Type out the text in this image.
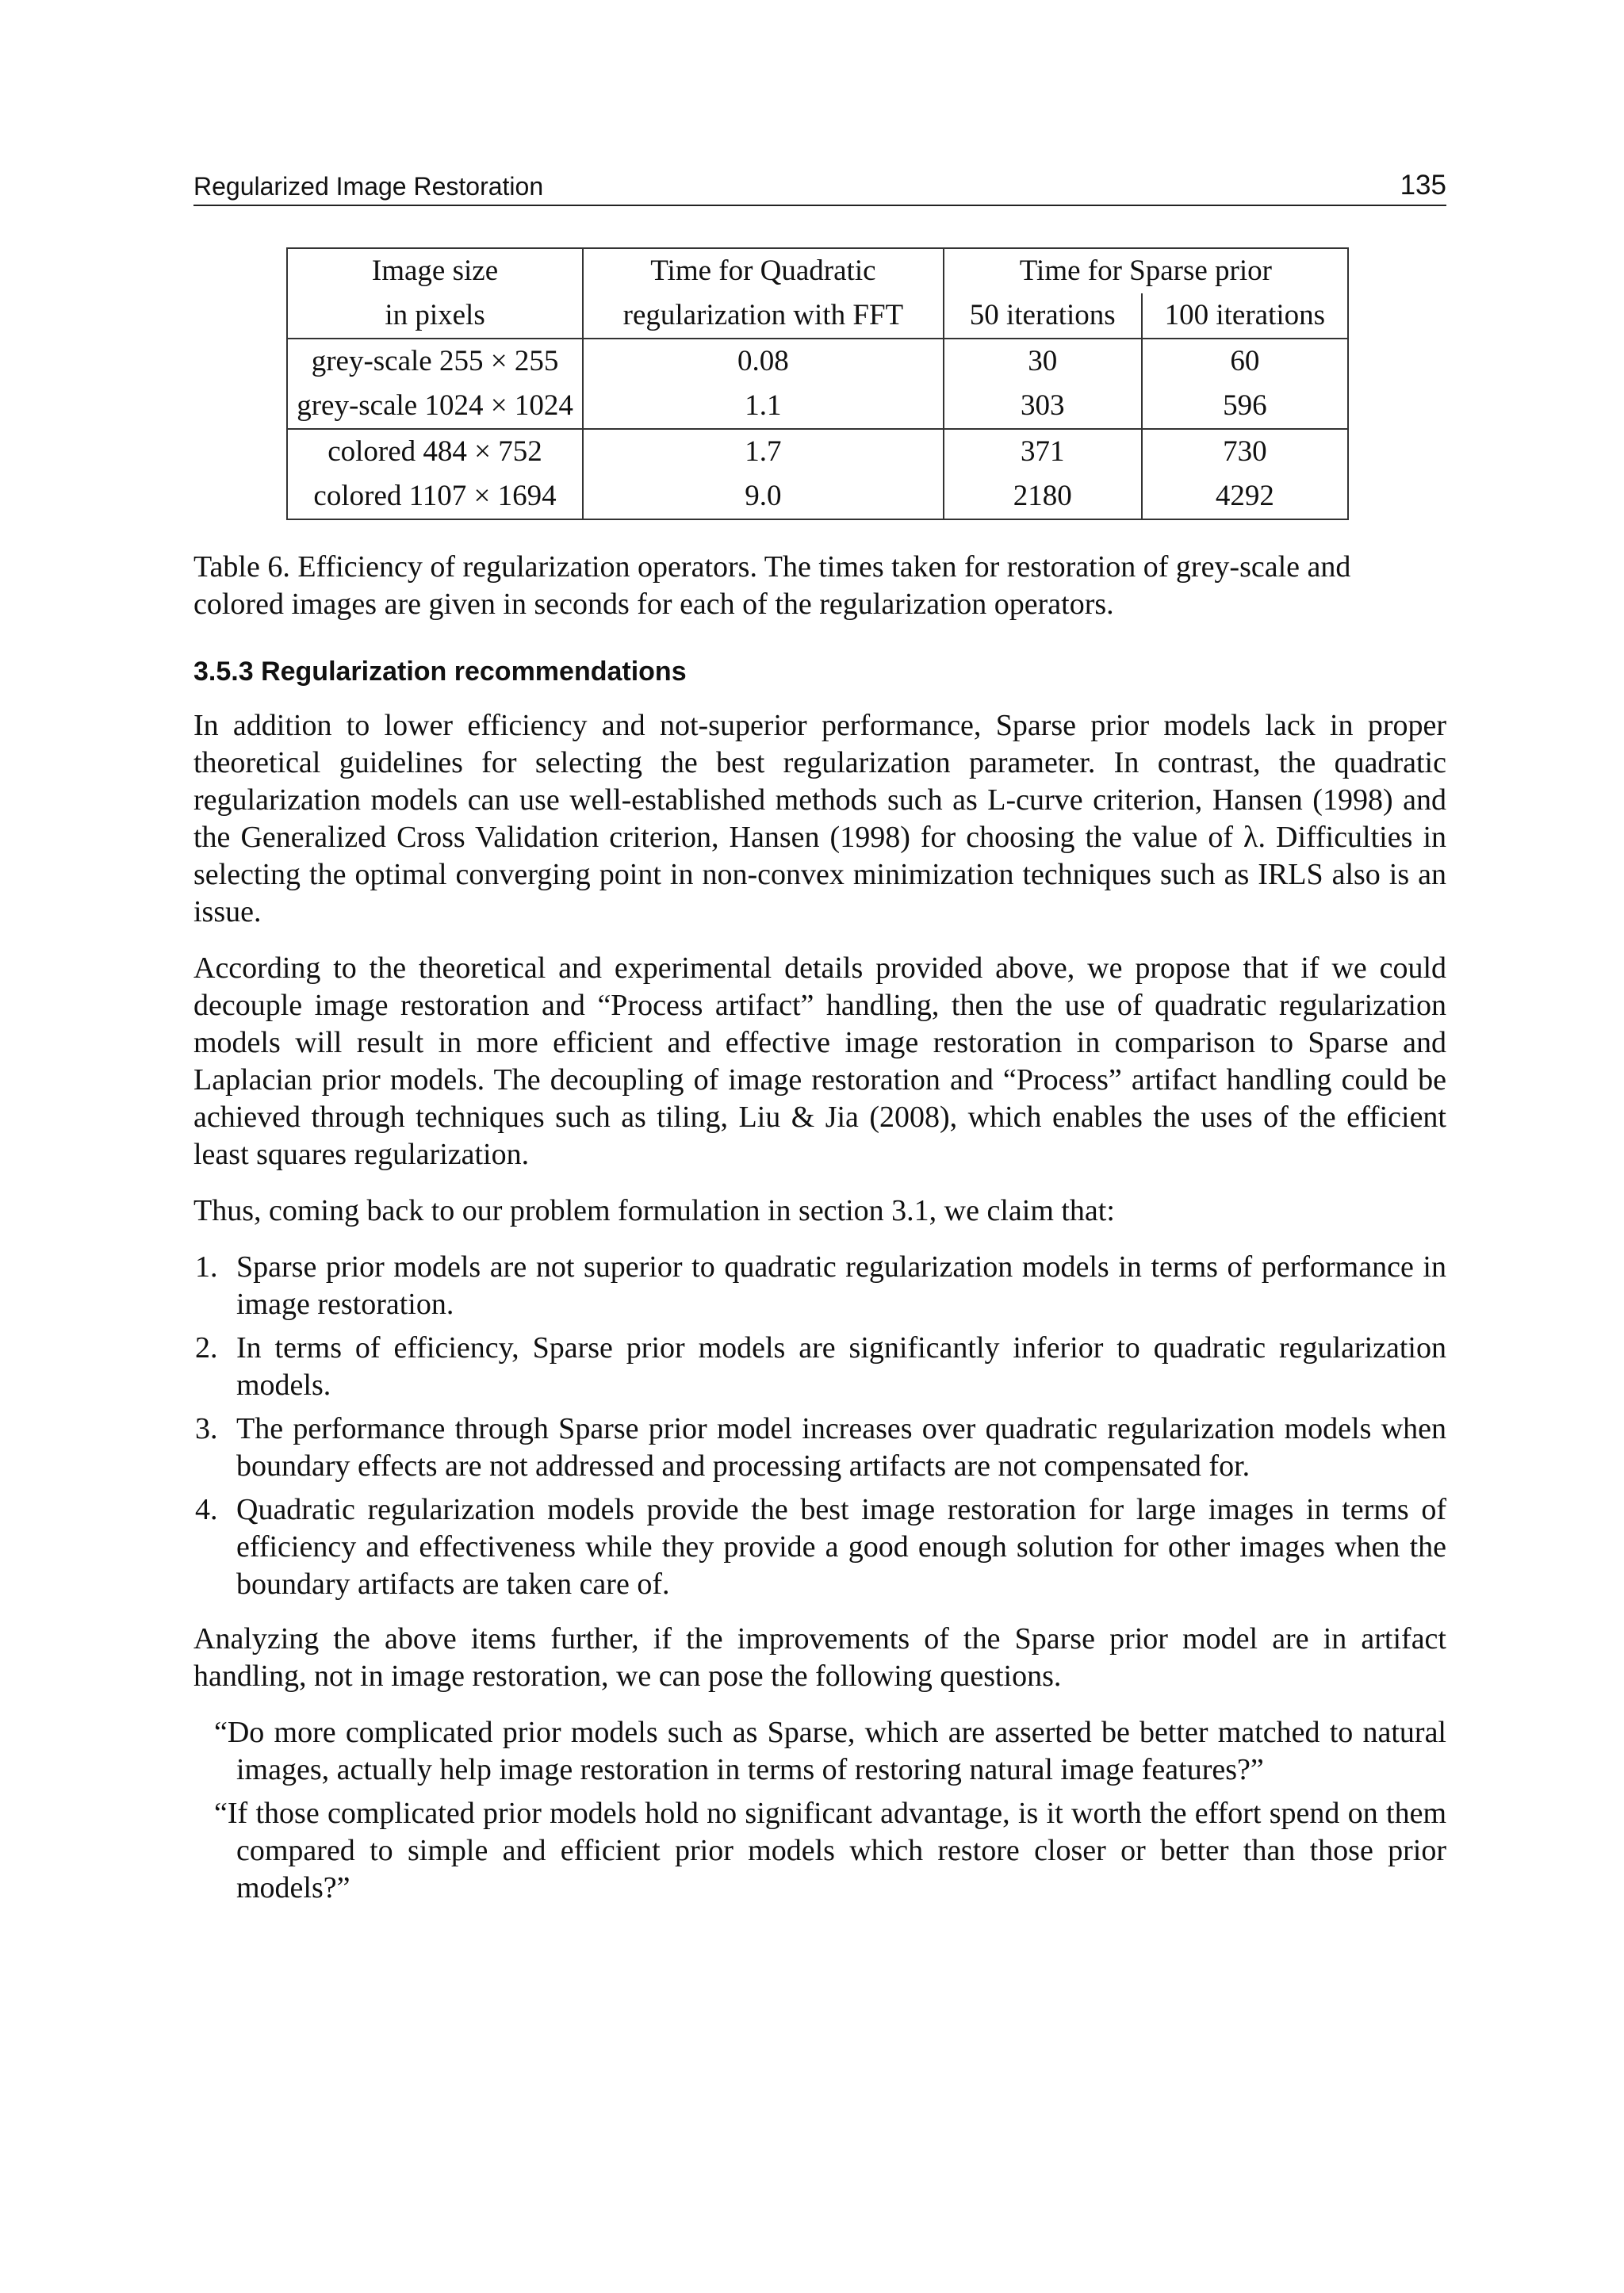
Regularized Image Restoration	135
Image size	Time for Quadratic	Time for Sparse prior	
in pixels	regularization with FFT	50 iterations	100 iterations
grey-scale 255 × 255	0.08	30	60
grey-scale 1024 × 1024	1.1	303	596
colored 484 × 752	1.7	371	730
colored 1107 × 1694	9.0	2180	4292
Table 6. Efficiency of regularization operators. The times taken for restoration of grey-scale and colored images are given in seconds for each of the regularization operators.
3.5.3 Regularization recommendations

In addition to lower efficiency and not-superior performance, Sparse prior models lack in proper theoretical guidelines for selecting the best regularization parameter. In contrast, the quadratic regularization models can use well-established methods such as L-curve criterion, Hansen (1998) and the Generalized Cross Validation criterion, Hansen (1998) for choosing the value of λ. Difficulties in selecting the optimal converging point in non-convex minimization techniques such as IRLS also is an issue.

According to the theoretical and experimental details provided above, we propose that if we could decouple image restoration and “Process artifact” handling, then the use of quadratic regularization models will result in more efficient and effective image restoration in comparison to Sparse and Laplacian prior models. The decoupling of image restoration and “Process” artifact handling could be achieved through techniques such as tiling, Liu & Jia (2008), which enables the uses of the efficient least squares regularization.

Thus, coming back to our problem formulation in section 3.1, we claim that:

1. Sparse prior models are not superior to quadratic regularization models in terms of performance in image restoration.
2. In terms of efficiency, Sparse prior models are significantly inferior to quadratic regularization models.
3. The performance through Sparse prior model increases over quadratic regularization models when boundary effects are not addressed and processing artifacts are not compensated for.
4. Quadratic regularization models provide the best image restoration for large images in terms of efficiency and effectiveness while they provide a good enough solution for other images when the boundary artifacts are taken care of.

Analyzing the above items further, if the improvements of the Sparse prior model are in artifact handling, not in image restoration, we can pose the following questions.

“Do more complicated prior models such as Sparse, which are asserted be better matched to natural images, actually help image restoration in terms of restoring natural image features?”

“If those complicated prior models hold no significant advantage, is it worth the effort spend on them compared to simple and efficient prior models which restore closer or better than those prior models?”
